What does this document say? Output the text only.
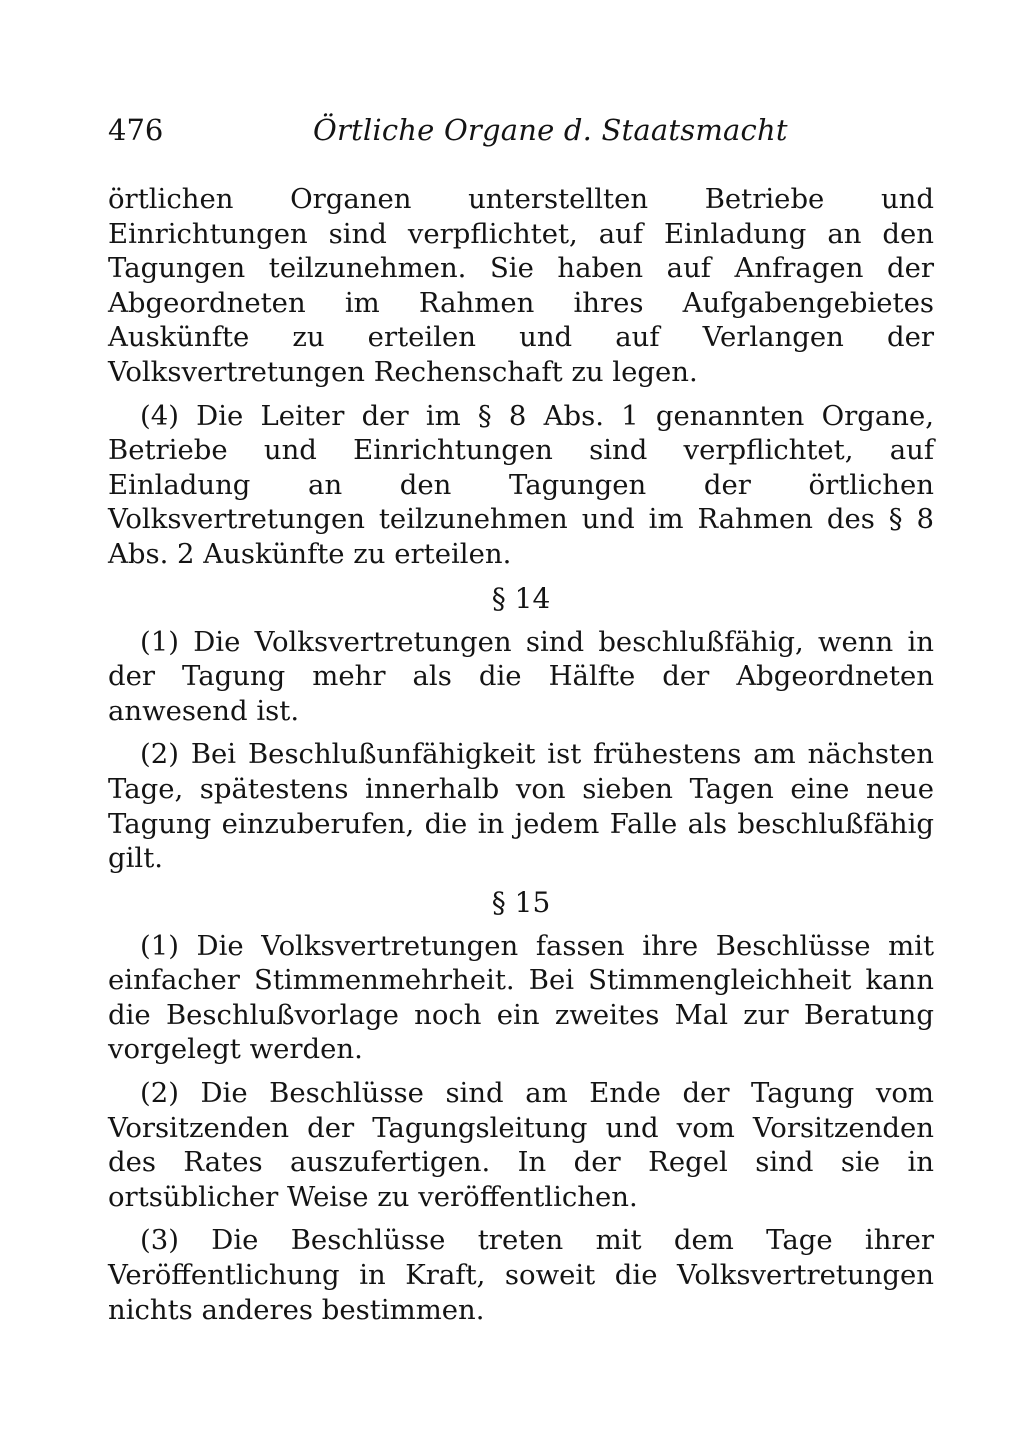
476	Örtliche Organe d. Staatsmacht

örtlichen Organen unterstellten Betriebe und Einrichtungen sind verpflichtet, auf Einladung an den Tagungen teilzunehmen. Sie haben auf Anfragen der Abgeordneten im Rahmen ihres Aufgabengebietes Auskünfte zu erteilen und auf Verlangen der Volksvertretungen Rechenschaft zu legen.

(4) Die Leiter der im § 8 Abs. 1 genannten Organe, Betriebe und Einrichtungen sind verpflichtet, auf Einladung an den Tagungen der örtlichen Volksvertretungen teilzunehmen und im Rahmen des § 8 Abs. 2 Auskünfte zu erteilen.

§ 14

(1) Die Volksvertretungen sind beschlußfähig, wenn in der Tagung mehr als die Hälfte der Abgeordneten anwesend ist.

(2) Bei Beschlußunfähigkeit ist frühestens am nächsten Tage, spätestens innerhalb von sieben Tagen eine neue Tagung einzuberufen, die in jedem Falle als beschlußfähig gilt.

§ 15

(1) Die Volksvertretungen fassen ihre Beschlüsse mit einfacher Stimmenmehrheit. Bei Stimmengleichheit kann die Beschlußvorlage noch ein zweites Mal zur Beratung vorgelegt werden.

(2) Die Beschlüsse sind am Ende der Tagung vom Vorsitzenden der Tagungsleitung und vom Vorsitzenden des Rates auszufertigen. In der Regel sind sie in ortsüblicher Weise zu veröffentlichen.

(3) Die Beschlüsse treten mit dem Tage ihrer Veröffentlichung in Kraft, soweit die Volksvertretungen nichts anderes bestimmen.
